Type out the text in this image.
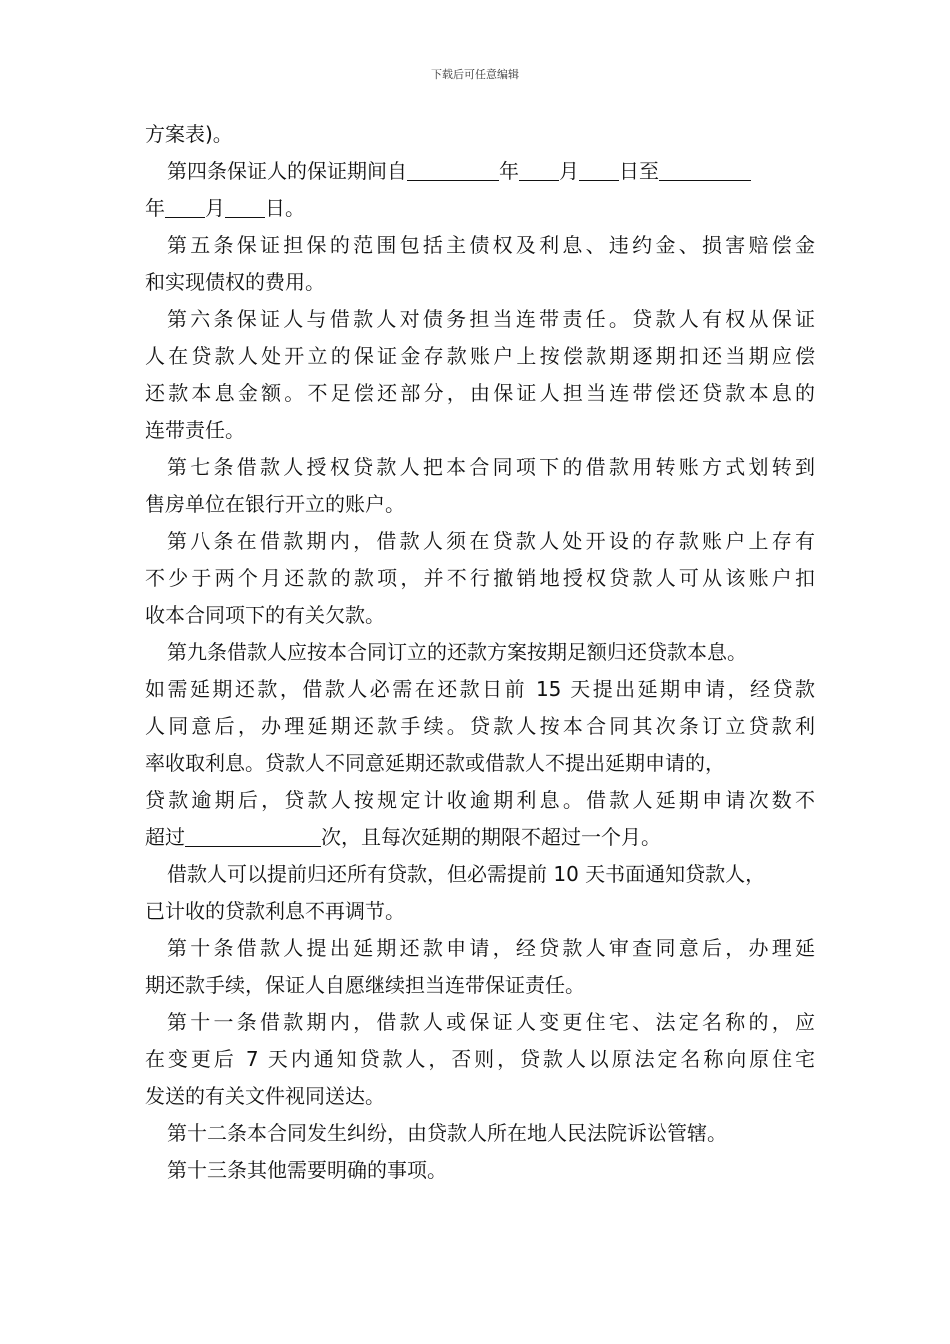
下载后可任意编辑
方案表)。
第四条保证人的保证期间自	年 月 日至
年 月 日。
第五条保证担保的范围包括主债权及利息、违约金、损害赔偿金
和实现债权的费用。
第六条保证人与借款人对债务担当连带责任。贷款人有权从保证
人在贷款人处开立的保证金存款账户上按偿款期逐期扣还当期应偿
还款本息金额。不足偿还部分，由保证人担当连带偿还贷款本息的
连带责任。
第七条借款人授权贷款人把本合同项下的借款用转账方式划转到
售房单位在银行开立的账户。
第八条在借款期内，借款人须在贷款人处开设的存款账户上存有
不少于两个月还款的款项，并不行撤销地授权贷款人可从该账户扣
收本合同项下的有关欠款。
第九条借款人应按本合同订立的还款方案按期足额归还贷款本息。
如需延期还款，借款人必需在还款日前 15 天提出延期申请，经贷款
人同意后，办理延期还款手续。贷款人按本合同其次条订立贷款利
率收取利息。贷款人不同意延期还款或借款人不提出延期申请的，
贷款逾期后，贷款人按规定计收逾期利息。借款人延期申请次数不
超过	次，且每次延期的期限不超过一个月。
借款人可以提前归还所有贷款，但必需提前 10 天书面通知贷款人，
已计收的贷款利息不再调节。
第十条借款人提出延期还款申请，经贷款人审查同意后，办理延
期还款手续，保证人自愿继续担当连带保证责任。
第十一条借款期内，借款人或保证人变更住宅、法定名称的，应
在变更后 7 天内通知贷款人，否则，贷款人以原法定名称向原住宅
发送的有关文件视同送达。
第十二条本合同发生纠纷，由贷款人所在地人民法院诉讼管辖。
第十三条其他需要明确的事项。
